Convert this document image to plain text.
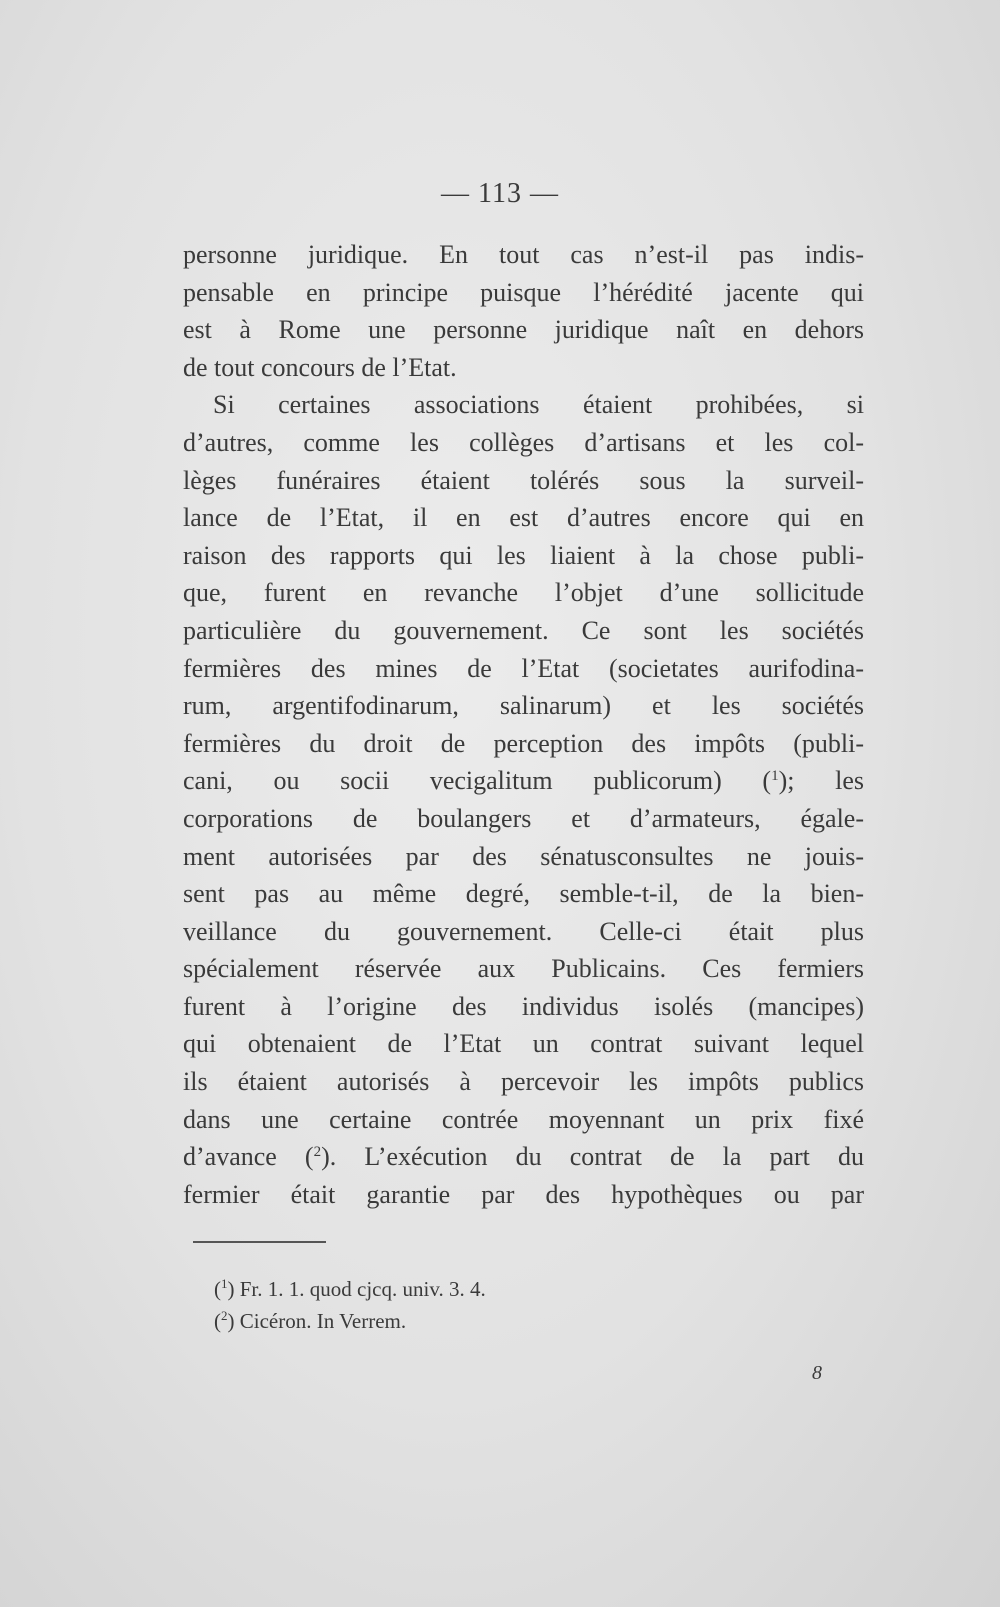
— 113 —
personne juridique. En tout cas n’est-il pas indis-
pensable en principe puisque l’hérédité jacente qui
est à Rome une personne juridique naît en dehors
de tout concours de l’Etat.
Si certaines associations étaient prohibées, si
d’autres, comme les collèges d’artisans et les col-
lèges funéraires étaient tolérés sous la surveil-
lance de l’Etat, il en est d’autres encore qui en
raison des rapports qui les liaient à la chose publi-
que, furent en revanche l’objet d’une sollicitude
particulière du gouvernement. Ce sont les sociétés
fermières des mines de l’Etat (societates aurifodina-
rum, argentifodinarum, salinarum) et les sociétés
fermières du droit de perception des impôts (publi-
cani, ou socii vecigalitum publicorum) ($^1$); les
corporations de boulangers et d’armateurs, égale-
ment autorisées par des sénatusconsultes ne jouis-
sent pas au même degré, semble-t-il, de la bien-
veillance du gouvernement. Celle-ci était plus
spécialement réservée aux Publicains. Ces fermiers
furent à l’origine des individus isolés (mancipes)
qui obtenaient de l’Etat un contrat suivant lequel
ils étaient autorisés à percevoir les impôts publics
dans une certaine contrée moyennant un prix fixé
d’avance ($^2$). L’exécution du contrat de la part du
fermier était garantie par des hypothèques ou par
($^1$) Fr. 1. 1. quod cjcq. univ. 3. 4.
($^2$) Cicéron. In Verrem.
8
